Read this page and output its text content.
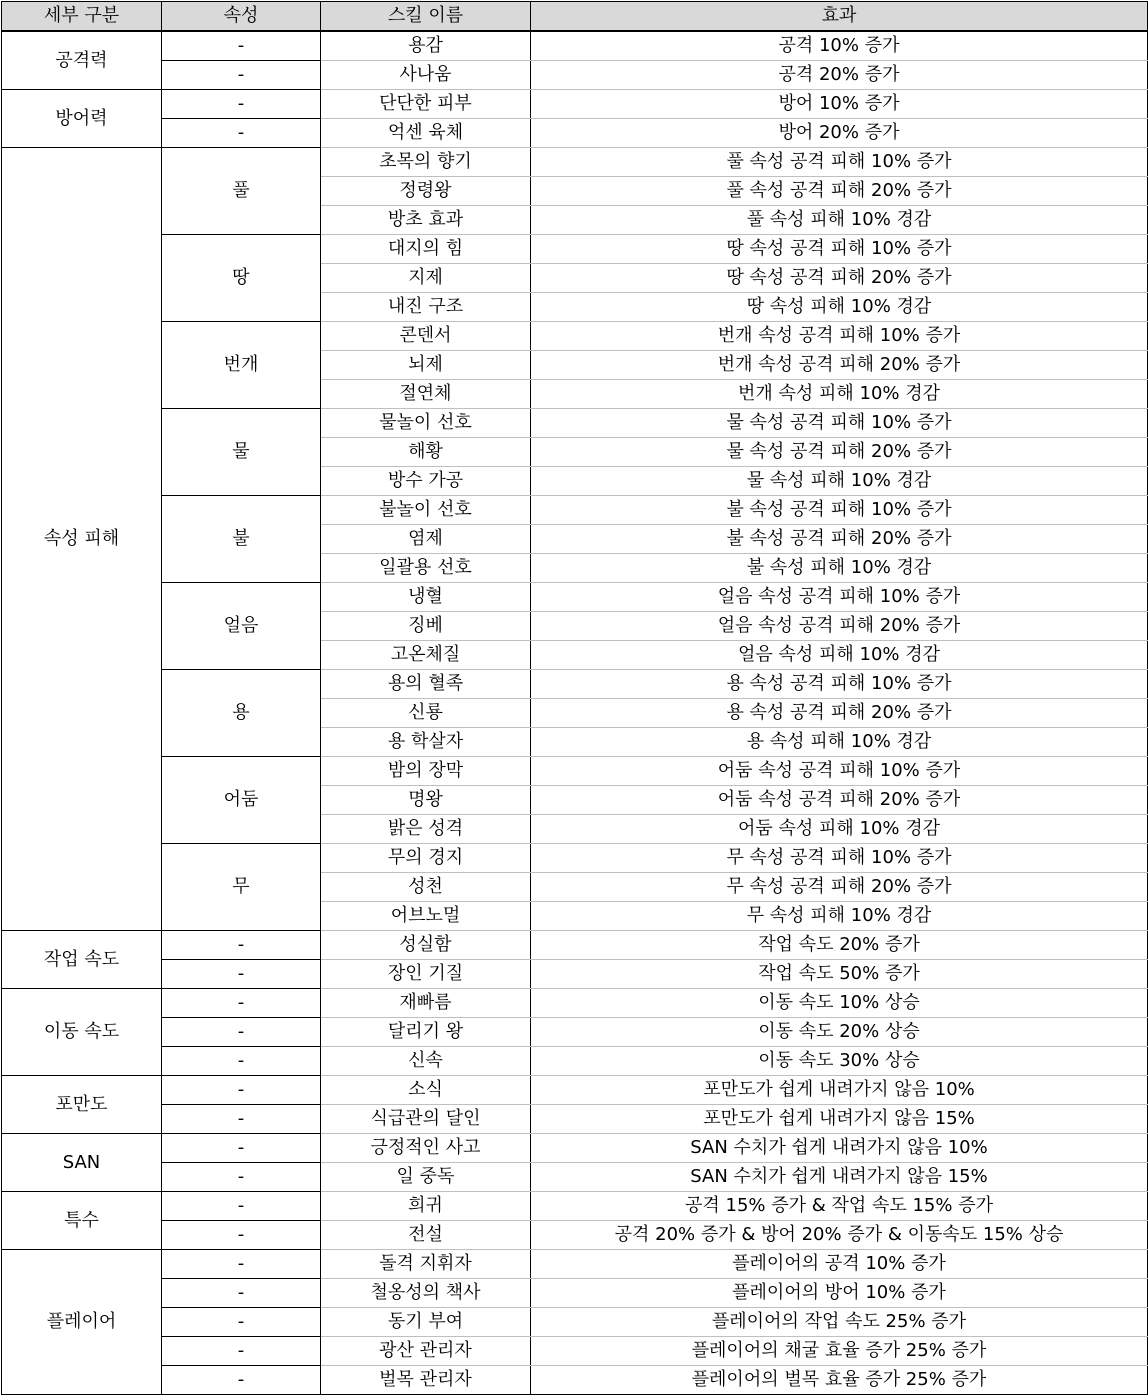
세부 구분	속성	스킬 이름	효과
공격력	-	용감	공격 10% 증가
	-	사나움	공격 20% 증가
방어력	-	단단한 피부	방어 10% 증가
	-	억센 육체	방어 20% 증가
속성 피해	풀	초목의 향기	풀 속성 공격 피해 10% 증가
		정령왕	풀 속성 공격 피해 20% 증가
		방초 효과	풀 속성 피해 10% 경감
	땅	대지의 힘	땅 속성 공격 피해 10% 증가
		지제	땅 속성 공격 피해 20% 증가
		내진 구조	땅 속성 피해 10% 경감
	번개	콘덴서	번개 속성 공격 피해 10% 증가
		뇌제	번개 속성 공격 피해 20% 증가
		절연체	번개 속성 피해 10% 경감
	물	물놀이 선호	물 속성 공격 피해 10% 증가
		해황	물 속성 공격 피해 20% 증가
		방수 가공	물 속성 피해 10% 경감
	불	불놀이 선호	불 속성 공격 피해 10% 증가
		염제	불 속성 공격 피해 20% 증가
		일괄용 선호	불 속성 피해 10% 경감
	얼음	냉혈	얼음 속성 공격 피해 10% 증가
		징베	얼음 속성 공격 피해 20% 증가
		고온체질	얼음 속성 피해 10% 경감
	용	용의 혈족	용 속성 공격 피해 10% 증가
		신룡	용 속성 공격 피해 20% 증가
		용 학살자	용 속성 피해 10% 경감
	어둠	밤의 장막	어둠 속성 공격 피해 10% 증가
		명왕	어둠 속성 공격 피해 20% 증가
		밝은 성격	어둠 속성 피해 10% 경감
	무	무의 경지	무 속성 공격 피해 10% 증가
		성천	무 속성 공격 피해 20% 증가
		어브노멀	무 속성 피해 10% 경감
작업 속도	-	성실함	작업 속도 20% 증가
	-	장인 기질	작업 속도 50% 증가
이동 속도	-	재빠름	이동 속도 10% 상승
	-	달리기 왕	이동 속도 20% 상승
	-	신속	이동 속도 30% 상승
포만도	-	소식	포만도가 쉽게 내려가지 않음 10%
	-	식급관의 달인	포만도가 쉽게 내려가지 않음 15%
SAN	-	긍정적인 사고	SAN 수치가 쉽게 내려가지 않음 10%
	-	일 중독	SAN 수치가 쉽게 내려가지 않음 15%
특수	-	희귀	공격 15% 증가 & 작업 속도 15% 증가
	-	전설	공격 20% 증가 & 방어 20% 증가 & 이동속도 15% 상승
플레이어	-	돌격 지휘자	플레이어의 공격 10% 증가
	-	철옹성의 책사	플레이어의 방어 10% 증가
	-	동기 부여	플레이어의 작업 속도 25% 증가
	-	광산 관리자	플레이어의 채굴 효율 증가 25% 증가
	-	벌목 관리자	플레이어의 벌목 효율 증가 25% 증가
